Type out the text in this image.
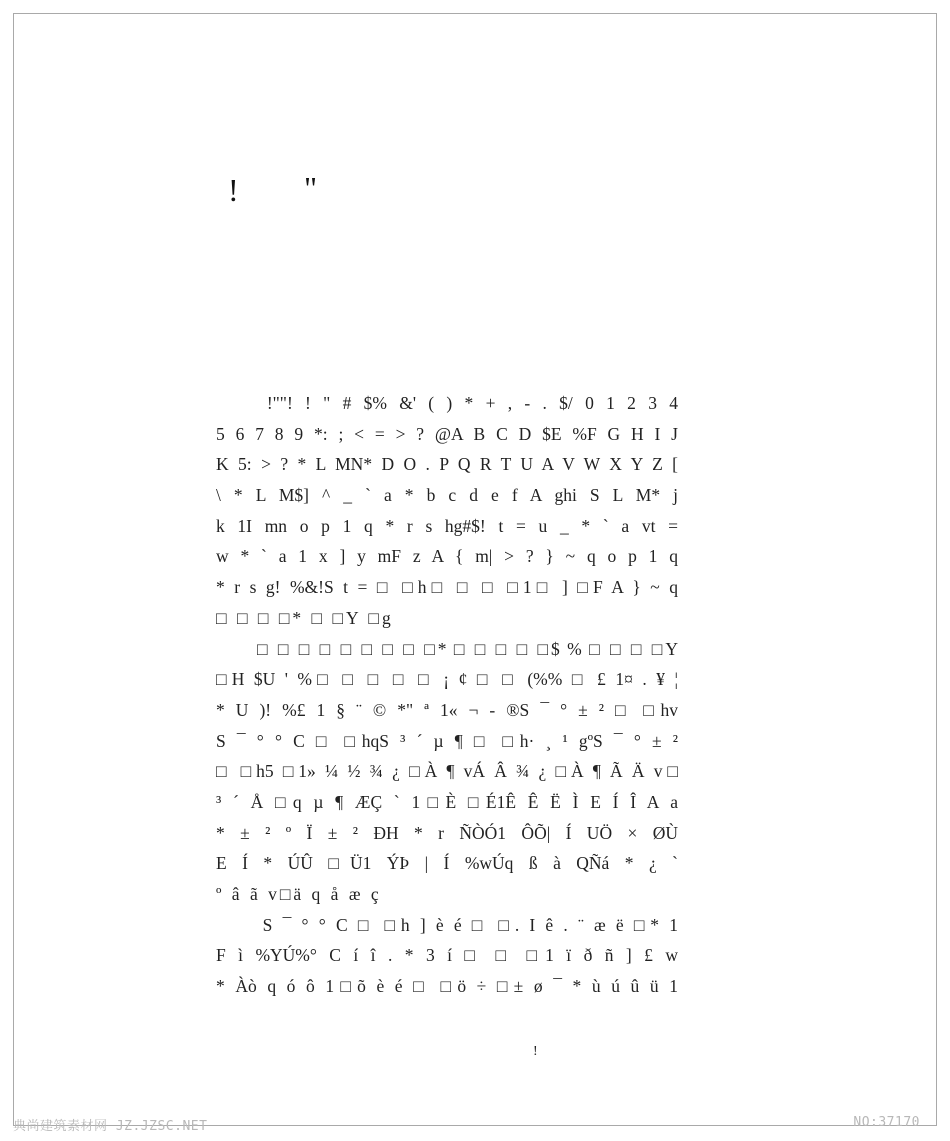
! "
　　!""! ! " # $% &' ( ) * + , - . $/ 0 1 2 3 4
5 6 7 8 9 *: ; < = > ? @A B C D $E %F G H I J
K 5: > ? * L MN* D O . P Q R T U A V W X Y Z [
\ * L M$] ^ _ ` a * b c d e f A ghi S L M* j
k 1I mn o p 1 q * r s hg#$! t = u _ * ` a vt =
w * ` a 1 x ] y mF z A { m| > ? } ~ q o p 1 q
* r s g! %&!S t = □ □h□ □ □ □1□ ] □F A } ~ q
□ □ □ □* □ □Y □g
　　□ □ □ □ □ □ □ □ □* □ □ □ □ □$ % □ □ □ □Y
□H $U ' %□ □ □ □ □ ¡ ¢ □ □ (%% □ £ 1¤ . ¥ ¦
* U )! %£ 1 § ¨ © *" ª 1« ¬ - ®S ¯ ° ± ² □ □hv
S ¯ ° ° C □ □hqS ³ ´ µ ¶ □ □h· ¸ ¹ gºS ¯ ° ± ²
□ □h5 □1» ¼ ½ ¾ ¿ □À ¶ vÁ Â ¾ ¿ □À ¶ Ã Ä v□
³ ´ Å □q µ ¶ ÆÇ ` 1□È □É1Ê Ê Ë Ì E Í Î A a
* ± ² º Ï ± ² ÐH * r ÑÒÓ1 ÔÕ| Í UÖ × ØÙ
E Í * ÚÛ □Ü1 ÝÞ | Í %wÚq ß à QÑá * ¿ `
º â ã v□ä q å æ ç
　　S ¯ ° ° C □ □h ] è é □ □. I ê . ¨ æ ë □* 1
F ì %YÚ%° C í î . * 3 í □ □ □1 ï ð ñ ] £ w
* Àò q ó ô 1□õ è é □ □ö ÷ □± ø ¯ * ù ú û ü 1
!
典尚建筑素材网 JZ.JZSC.NET	NO:37170
